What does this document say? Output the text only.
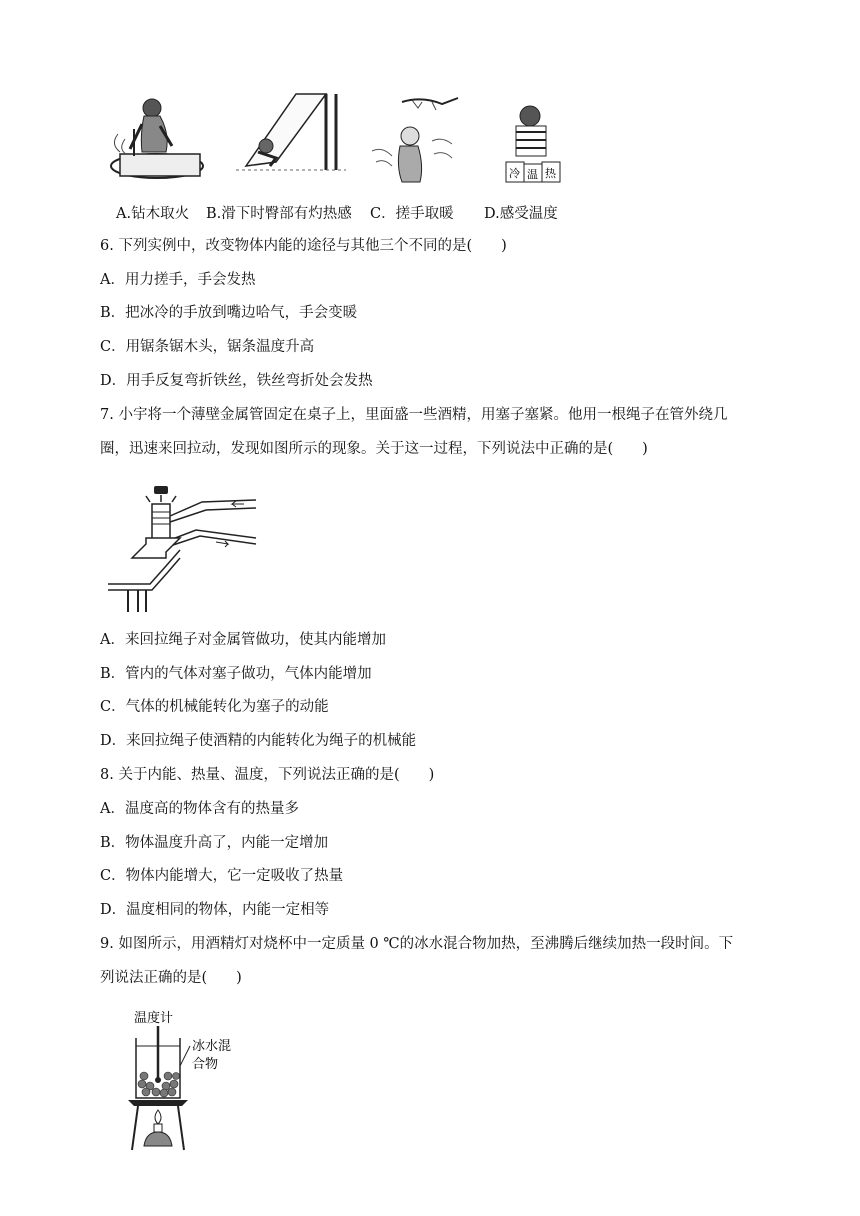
冷 温 热
A.钻木取火 B.滑下时臀部有灼热感 C．搓手取暖 D.感受温度
6. 下列实例中，改变物体内能的途径与其他三个不同的是(　　)
A．用力搓手，手会发热
B．把冰冷的手放到嘴边哈气，手会变暖
C．用锯条锯木头，锯条温度升高
D．用手反复弯折铁丝，铁丝弯折处会发热
7. 小宇将一个薄壁金属管固定在桌子上，里面盛一些酒精，用塞子塞紧。他用一根绳子在管外绕几
圈，迅速来回拉动，发现如图所示的现象。关于这一过程，下列说法中正确的是(　　)
A．来回拉绳子对金属管做功，使其内能增加
B．管内的气体对塞子做功，气体内能增加
C．气体的机械能转化为塞子的动能
D．来回拉绳子使酒精的内能转化为绳子的机械能
8. 关于内能、热量、温度，下列说法正确的是(　　)
A．温度高的物体含有的热量多
B．物体温度升高了，内能一定增加
C．物体内能增大，它一定吸收了热量
D．温度相同的物体，内能一定相等
9. 如图所示，用酒精灯对烧杯中一定质量 0 ℃的冰水混合物加热，至沸腾后继续加热一段时间。下
列说法正确的是(　　)
温度计
冰水混
合物
